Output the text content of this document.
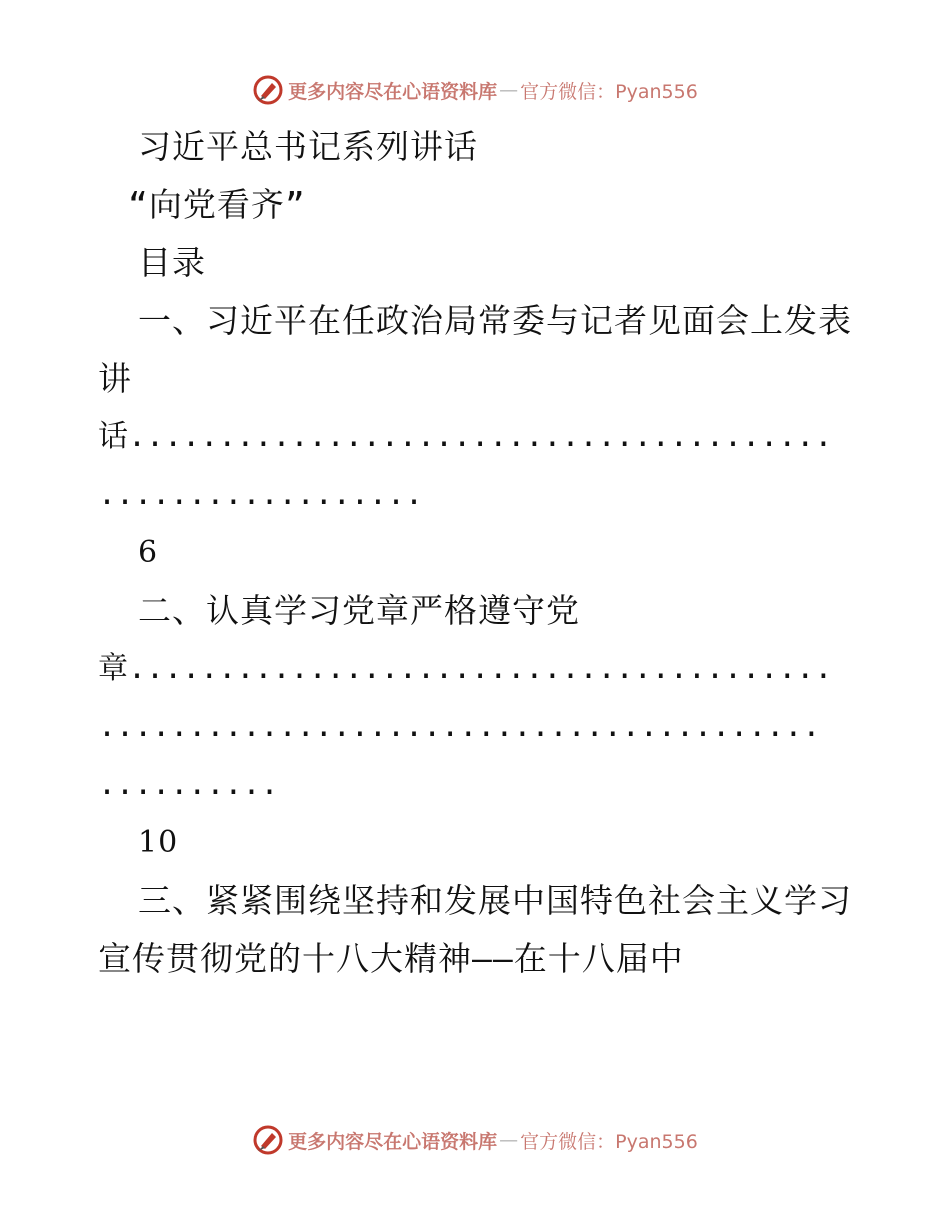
更多内容尽在心语资料库 — 官方微信：Pyan556
习近平总书记系列讲话
“向党看齐”
目录
一、习近平在任政治局常委与记者见面会上发表
讲
话.......................................
..................
6
二、认真学习党章严格遵守党
章.......................................
........................................
..........
10
三、紧紧围绕坚持和发展中国特色社会主义学习
宣传贯彻党的十八大精神——在十八届中
更多内容尽在心语资料库 — 官方微信：Pyan556
